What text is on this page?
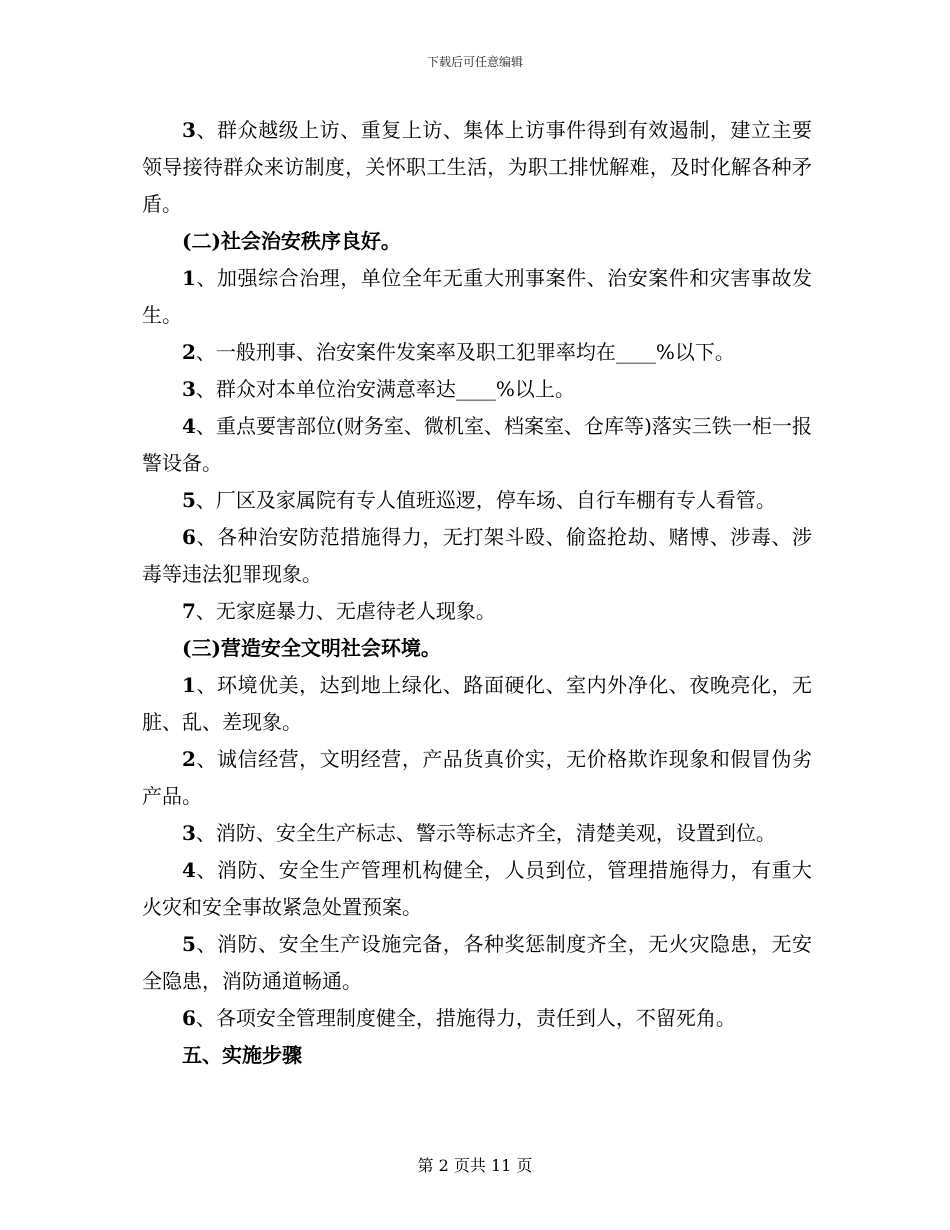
下载后可任意编辑

3、群众越级上访、重复上访、集体上访事件得到有效遏制，建立主要领导接待群众来访制度，关怀职工生活，为职工排忧解难，及时化解各种矛盾。

(二)社会治安秩序良好。

1、加强综合治理，单位全年无重大刑事案件、治安案件和灾害事故发生。

2、一般刑事、治安案件发案率及职工犯罪率均在____%以下。

3、群众对本单位治安满意率达____%以上。

4、重点要害部位(财务室、微机室、档案室、仓库等)落实三铁一柜一报警设备。

5、厂区及家属院有专人值班巡逻，停车场、自行车棚有专人看管。

6、各种治安防范措施得力，无打架斗殴、偷盗抢劫、赌博、涉毒、涉毒等违法犯罪现象。

7、无家庭暴力、无虐待老人现象。

(三)营造安全文明社会环境。

1、环境优美，达到地上绿化、路面硬化、室内外净化、夜晚亮化，无脏、乱、差现象。

2、诚信经营，文明经营，产品货真价实，无价格欺诈现象和假冒伪劣产品。

3、消防、安全生产标志、警示等标志齐全，清楚美观，设置到位。

4、消防、安全生产管理机构健全，人员到位，管理措施得力，有重大火灾和安全事故紧急处置预案。

5、消防、安全生产设施完备，各种奖惩制度齐全，无火灾隐患，无安全隐患，消防通道畅通。

6、各项安全管理制度健全，措施得力，责任到人，不留死角。

五、实施步骤

第 2 页共 11 页
